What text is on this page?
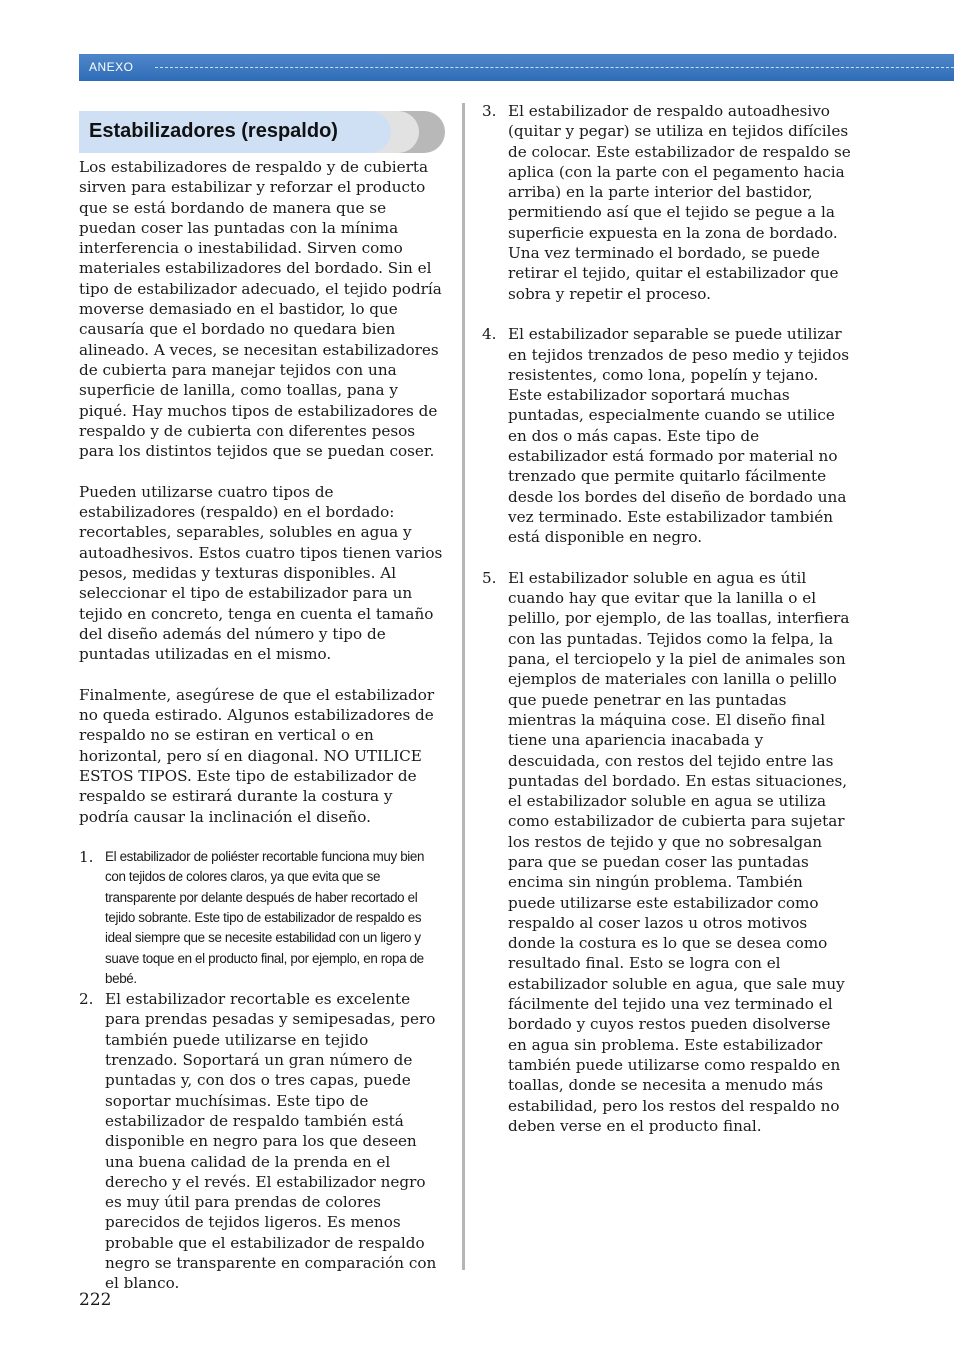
ANEXO
Estabilizadores (respaldo)

Los estabilizadores de respaldo y de cubierta sirven para estabilizar y reforzar el producto que se está bordando de manera que se puedan coser las puntadas con la mínima interferencia o inestabilidad. Sirven como materiales estabilizadores del bordado. Sin el tipo de estabilizador adecuado, el tejido podría moverse demasiado en el bastidor, lo que causaría que el bordado no quedara bien alineado. A veces, se necesitan estabilizadores de cubierta para manejar tejidos con una superficie de lanilla, como toallas, pana y piqué. Hay muchos tipos de estabilizadores de respaldo y de cubierta con diferentes pesos para los distintos tejidos que se puedan coser.

Pueden utilizarse cuatro tipos de estabilizadores (respaldo) en el bordado: recortables, separables, solubles en agua y autoadhesivos. Estos cuatro tipos tienen varios pesos, medidas y texturas disponibles. Al seleccionar el tipo de estabilizador para un tejido en concreto, tenga en cuenta el tamaño del diseño además del número y tipo de puntadas utilizadas en el mismo.

Finalmente, asegúrese de que el estabilizador no queda estirado. Algunos estabilizadores de respaldo no se estiran en vertical o en horizontal, pero sí en diagonal. NO UTILICE ESTOS TIPOS. Este tipo de estabilizador de respaldo se estirará durante la costura y podría causar la inclinación el diseño.

1. El estabilizador de poliéster recortable funciona muy bien con tejidos de colores claros, ya que evita que se transparente por delante después de haber recortado el tejido sobrante. Este tipo de estabilizador de respaldo es ideal siempre que se necesite estabilidad con un ligero y suave toque en el producto final, por ejemplo, en ropa de bebé.
2. El estabilizador recortable es excelente para prendas pesadas y semipesadas, pero también puede utilizarse en tejido trenzado. Soportará un gran número de puntadas y, con dos o tres capas, puede soportar muchísimas. Este tipo de estabilizador de respaldo también está disponible en negro para los que deseen una buena calidad de la prenda en el derecho y el revés. El estabilizador negro es muy útil para prendas de colores parecidos de tejidos ligeros. Es menos probable que el estabilizador de respaldo negro se transparente en comparación con el blanco.
3. El estabilizador de respaldo autoadhesivo (quitar y pegar) se utiliza en tejidos difíciles de colocar. Este estabilizador de respaldo se aplica (con la parte con el pegamento hacia arriba) en la parte interior del bastidor, permitiendo así que el tejido se pegue a la superficie expuesta en la zona de bordado. Una vez terminado el bordado, se puede retirar el tejido, quitar el estabilizador que sobra y repetir el proceso.
4. El estabilizador separable se puede utilizar en tejidos trenzados de peso medio y tejidos resistentes, como lona, popelín y tejano. Este estabilizador soportará muchas puntadas, especialmente cuando se utilice en dos o más capas. Este tipo de estabilizador está formado por material no trenzado que permite quitarlo fácilmente desde los bordes del diseño de bordado una vez terminado. Este estabilizador también está disponible en negro.
5. El estabilizador soluble en agua es útil cuando hay que evitar que la lanilla o el pelillo, por ejemplo, de las toallas, interfiera con las puntadas. Tejidos como la felpa, la pana, el terciopelo y la piel de animales son ejemplos de materiales con lanilla o pelillo que puede penetrar en las puntadas mientras la máquina cose. El diseño final tiene una apariencia inacabada y descuidada, con restos del tejido entre las puntadas del bordado. En estas situaciones, el estabilizador soluble en agua se utiliza como estabilizador de cubierta para sujetar los restos de tejido y que no sobresalgan para que se puedan coser las puntadas encima sin ningún problema. También puede utilizarse este estabilizador como respaldo al coser lazos u otros motivos donde la costura es lo que se desea como resultado final. Esto se logra con el estabilizador soluble en agua, que sale muy fácilmente del tejido una vez terminado el bordado y cuyos restos pueden disolverse en agua sin problema. Este estabilizador también puede utilizarse como respaldo en toallas, donde se necesita a menudo más estabilidad, pero los restos del respaldo no deben verse en el producto final.
222
